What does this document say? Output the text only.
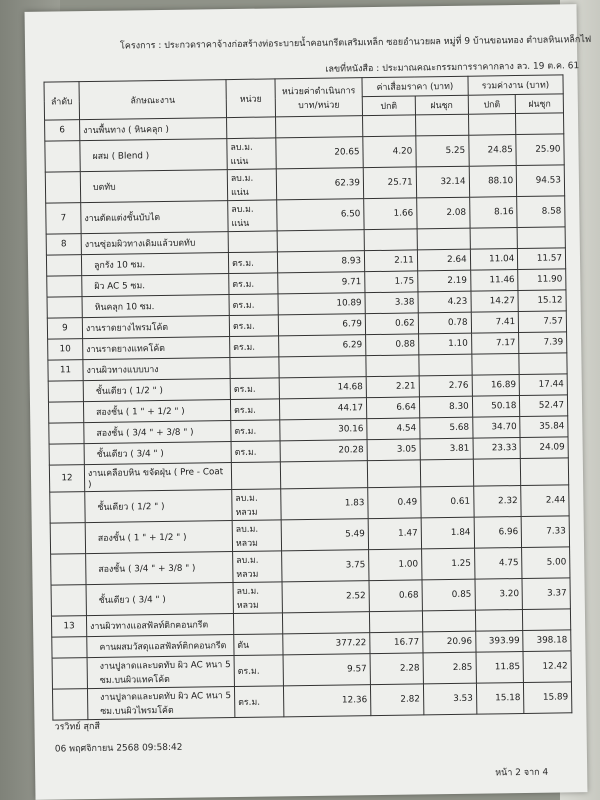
โครงการ : ประกวดราคาจ้างก่อสร้างท่อระบายน้ำคอนกรีตเสริมเหล็ก ซอยอำนวยผล หมู่ที่ 9 บ้านขอนทอง ตำบลหินเหล็กไฟ
เลขที่หนังสือ : ประมาณคณะกรรมการราคากลาง ลว. 19 ต.ค. 61
ลำดับ	ลักษณะงาน	หน่วย	หน่วยค่าดำเนินการ บาท/หน่วย	ค่าเสื่อมราคา (บาท)		รวมค่างาน (บาท)	
				ปกติ	ฝนชุก	ปกติ	ฝนชุก
6	งานพื้นทาง ( หินคลุก )						
	ผสม ( Blend )	ลบ.ม. แน่น	20.65	4.20	5.25	24.85	25.90
	บดทับ	ลบ.ม. แน่น	62.39	25.71	32.14	88.10	94.53
7	งานตัดแต่งชั้นบับไต	ลบ.ม. แน่น	6.50	1.66	2.08	8.16	8.58
8	งานซุ่อมผิวทางเดิมแล้วบดทับ						
	ลูกรัง 10 ซม.	ตร.ม.	8.93	2.11	2.64	11.04	11.57
	ผิว AC 5 ซม.	ตร.ม.	9.71	1.75	2.19	11.46	11.90
	หินคลุก 10 ซม.	ตร.ม.	10.89	3.38	4.23	14.27	15.12
9	งานราดยางไพรมโค้ต	ตร.ม.	6.79	0.62	0.78	7.41	7.57
10	งานราดยางแทคโค้ต	ตร.ม.	6.29	0.88	1.10	7.17	7.39
11	งานผิวทางแบบบาง						
	ชั้นเดียว ( 1/2 " )	ตร.ม.	14.68	2.21	2.76	16.89	17.44
	สองชั้น ( 1 " + 1/2 " )	ตร.ม.	44.17	6.64	8.30	50.18	52.47
	สองชั้น ( 3/4 " + 3/8 " )	ตร.ม.	30.16	4.54	5.68	34.70	35.84
	ชั้นเดียว ( 3/4 " )	ตร.ม.	20.28	3.05	3.81	23.33	24.09
12	งานเคลือบหิน ขจัดฝุ่น ( Pre - Coat )						
	ชั้นเดียว ( 1/2 " )	ลบ.ม. หลวม	1.83	0.49	0.61	2.32	2.44
	สองชั้น ( 1 " + 1/2 " )	ลบ.ม. หลวม	5.49	1.47	1.84	6.96	7.33
	สองชั้น ( 3/4 " + 3/8 " )	ลบ.ม. หลวม	3.75	1.00	1.25	4.75	5.00
	ชั้นเดียว ( 3/4 " )	ลบ.ม. หลวม	2.52	0.68	0.85	3.20	3.37
13	งานผิวทางแอสฟัลท์ติกคอนกรีต						
	คานผสมวัสดุแอสฟัลท์ติกคอนกรีต	ตัน	377.22	16.77	20.96	393.99	398.18
	งานปูลาดและบดทับ ผิว AC หนา 5 ซม.บนผิวแทคโค้ต	ตร.ม.	9.57	2.28	2.85	11.85	12.42
	งานปูลาดและบดทับ ผิว AC หนา 5 ซม.บนผิวไพรมโค้ต	ตร.ม.	12.36	2.82	3.53	15.18	15.89
วรวิทย์ สุกสี
06 พฤศจิกายน 2568 09:58:42
หน้า 2 จาก 4
